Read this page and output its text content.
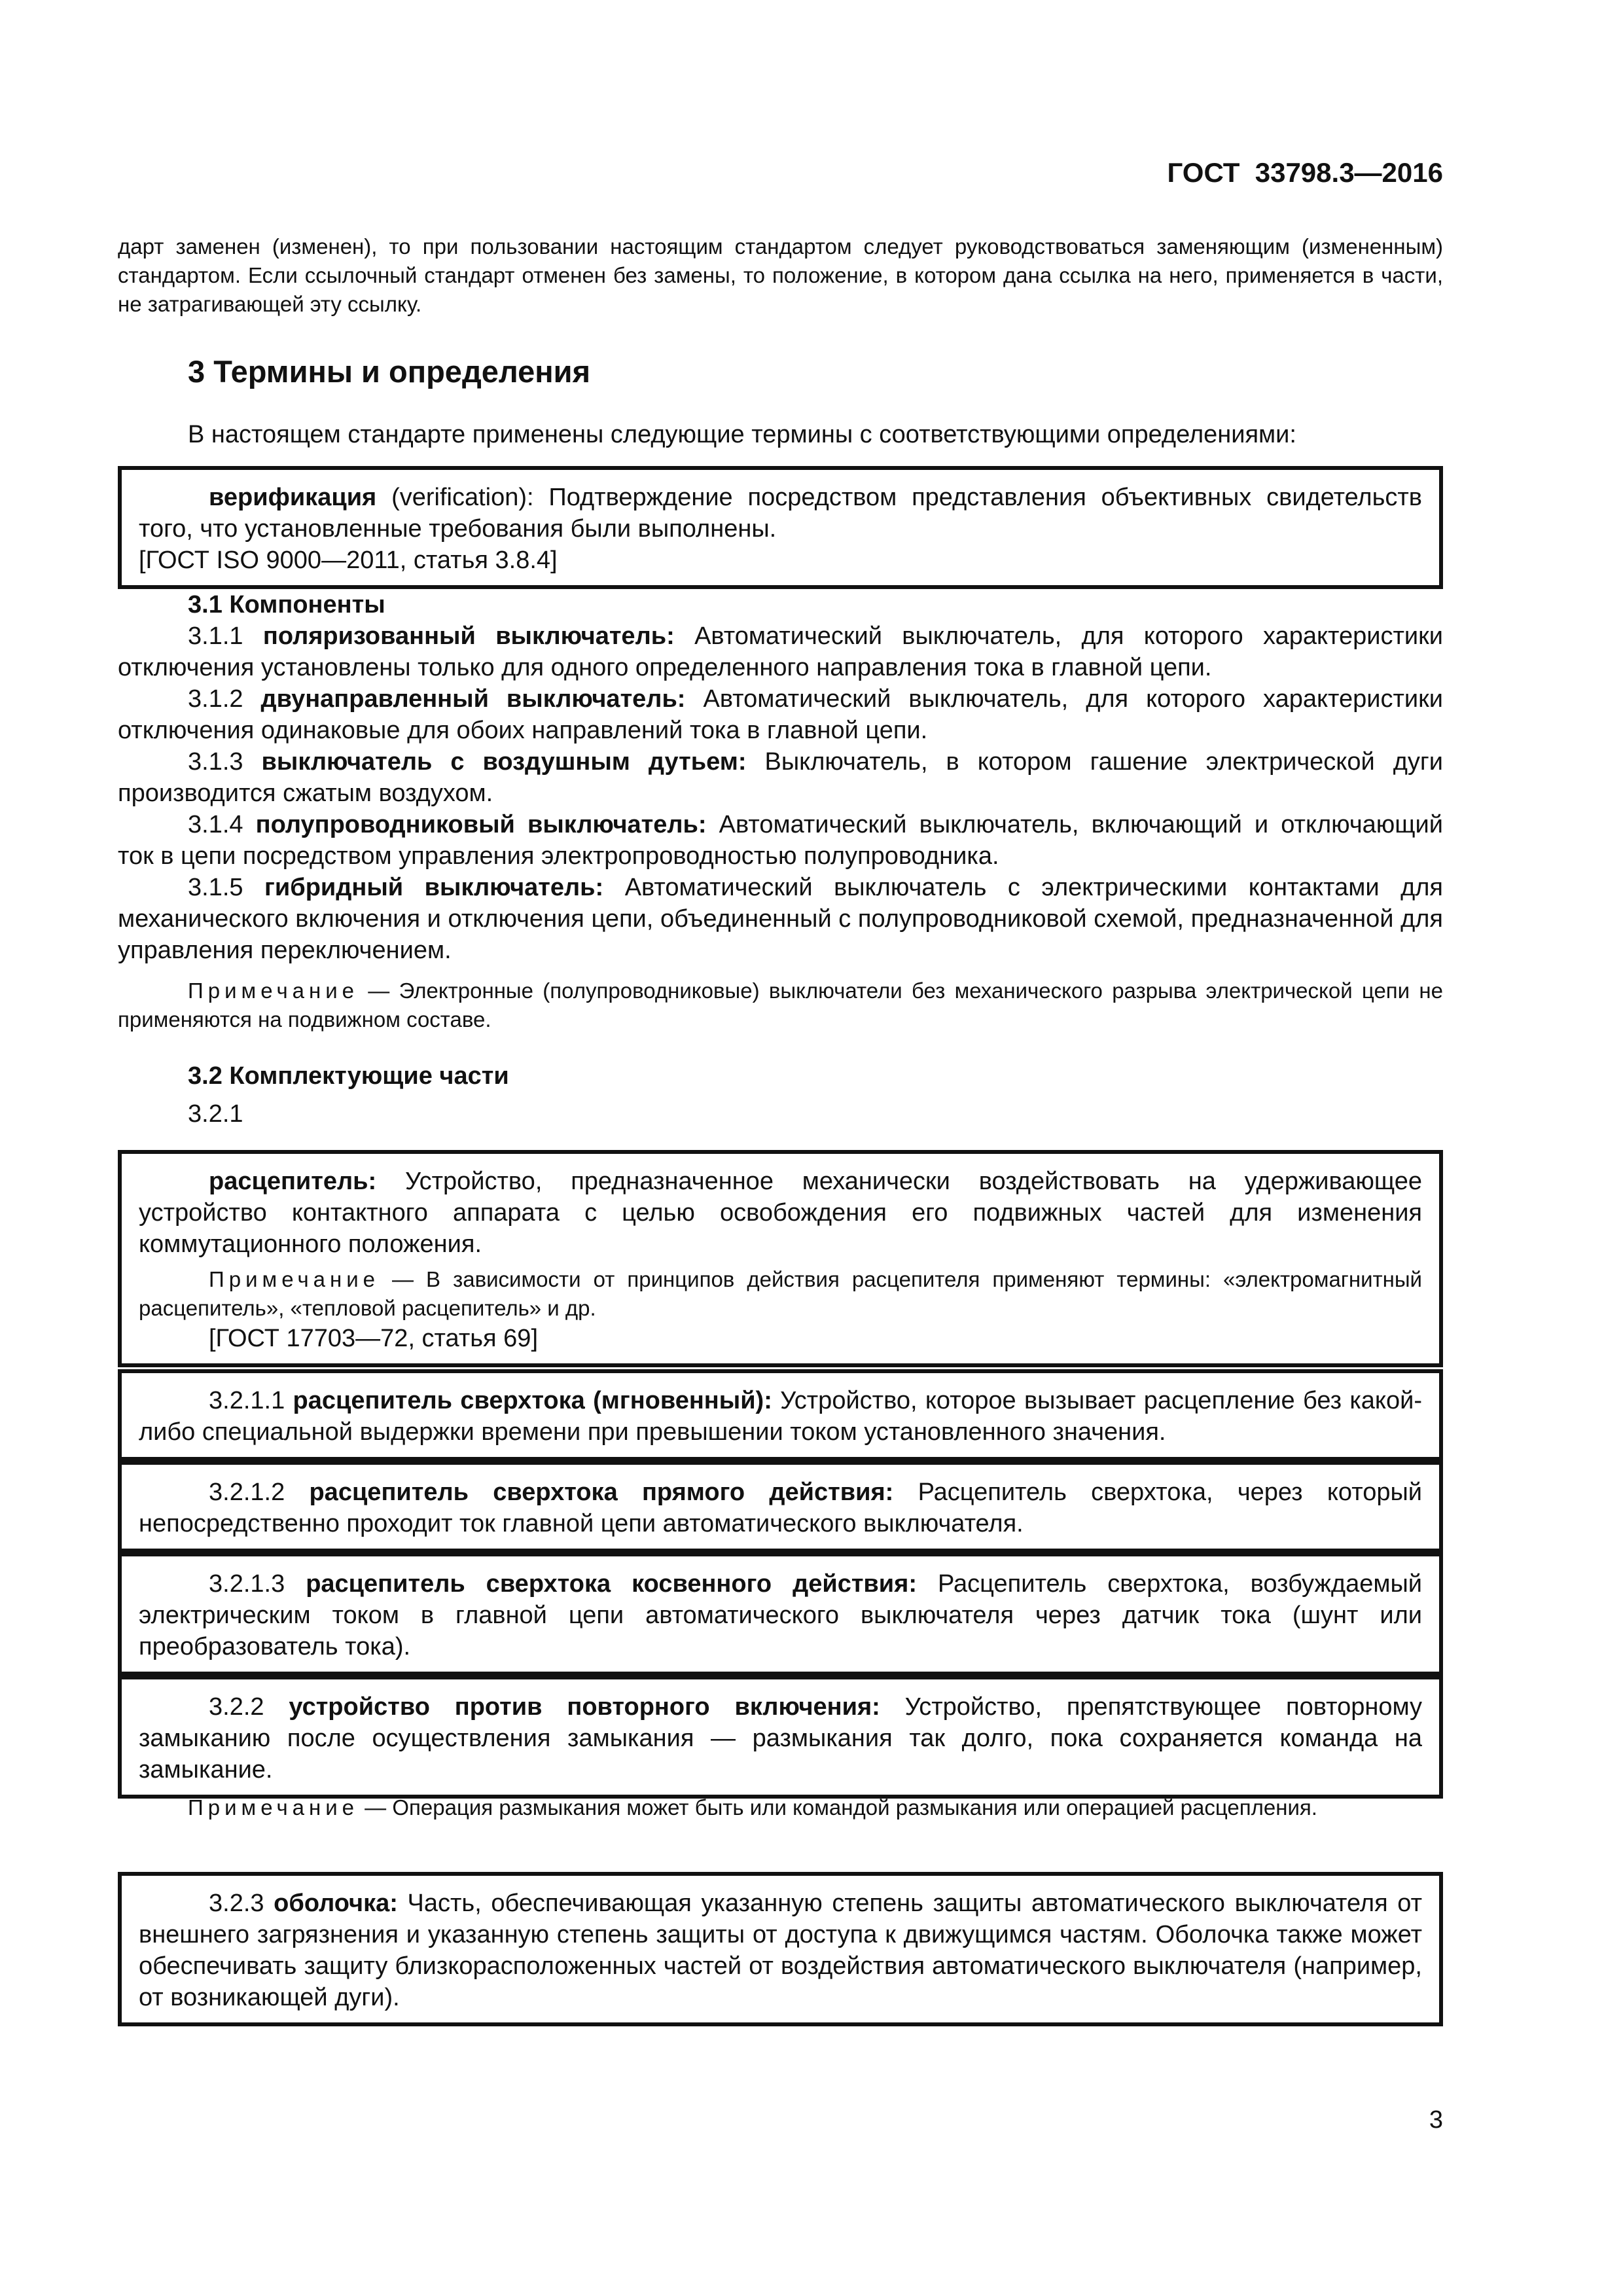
ГОСТ  33798.3—2016

дарт заменен (изменен), то при пользовании настоящим стандартом следует руководствоваться заменяющим (измененным) стандартом. Если ссылочный стандарт отменен без замены, то положение, в котором дана ссылка на него, применяется в части, не затрагивающей эту ссылку.

3 Термины и определения

В настоящем стандарте применены следующие термины с соответствующими определениями:

верификация (verification): Подтверждение посредством представления объективных свидетельств того, что установленные требования были выполнены.

[ГОСТ ISO 9000—2011, статья 3.8.4]

3.1 Компоненты

3.1.1 поляризованный выключатель: Автоматический выключатель, для которого характеристики отключения установлены только для одного определенного направления тока в главной цепи.

3.1.2 двунаправленный выключатель: Автоматический выключатель, для которого характеристики отключения одинаковые для обоих направлений тока в главной цепи.

3.1.3 выключатель с воздушным дутьем: Выключатель, в котором гашение электрической дуги производится сжатым воздухом.

3.1.4 полупроводниковый выключатель: Автоматический выключатель, включающий и отключающий ток в цепи посредством управления электропроводностью полупроводника.

3.1.5 гибридный выключатель: Автоматический выключатель с электрическими контактами для механического включения и отключения цепи, объединенный с полупроводниковой схемой, предназначенной для управления переключением.

Примечание — Электронные (полупроводниковые) выключатели без механического разрыва электрической цепи не применяются на подвижном составе.

3.2 Комплектующие части

3.2.1

расцепитель: Устройство, предназначенное механически воздействовать на удерживающее устройство контактного аппарата с целью освобождения его подвижных частей для изменения коммутационного положения.

Примечание — В зависимости от принципов действия расцепителя применяют термины: «электромагнитный расцепитель», «тепловой расцепитель» и др.

[ГОСТ 17703—72, статья 69]

3.2.1.1 расцепитель сверхтока (мгновенный): Устройство, которое вызывает расцепление без какой-либо специальной выдержки времени при превышении током установленного значения.

3.2.1.2 расцепитель сверхтока прямого действия: Расцепитель сверхтока, через который непосредственно проходит ток главной цепи автоматического выключателя.

3.2.1.3 расцепитель сверхтока косвенного действия: Расцепитель сверхтока, возбуждаемый электрическим током в главной цепи автоматического выключателя через датчик тока (шунт или преобразователь тока).

3.2.2 устройство против повторного включения: Устройство, препятствующее повторному замыканию после осуществления замыкания — размыкания так долго, пока сохраняется команда на замыкание.

Примечание — Операция размыкания может быть или командой размыкания или операцией расцепления.

3.2.3 оболочка: Часть, обеспечивающая указанную степень защиты автоматического выключателя от внешнего загрязнения и указанную степень защиты от доступа к движущимся частям. Оболочка также может обеспечивать защиту близкорасположенных частей от воздействия автоматического выключателя (например, от возникающей дуги).

3
